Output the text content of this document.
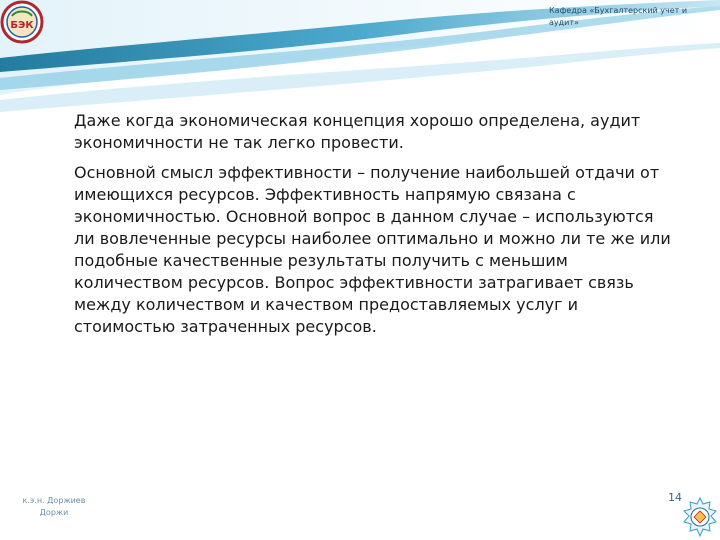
БЭК
Кафедра «Бухгалтерский учет и аудит»

Даже когда экономическая концепция хорошо определена, аудит экономичности не так легко провести.

Основной смысл эффективности – получение наибольшей отдачи от имеющихся ресурсов. Эффективность напрямую связана с экономичностью. Основной вопрос в данном случае – используются ли вовлеченные ресурсы наиболее оптимально и можно ли те же или подобные качественные результаты получить с меньшим количеством ресурсов. Вопрос эффективности затрагивает связь между количеством и качеством предоставляемых услуг и стоимостью затраченных ресурсов.

к.э.н. Доржиев
Доржи
14
